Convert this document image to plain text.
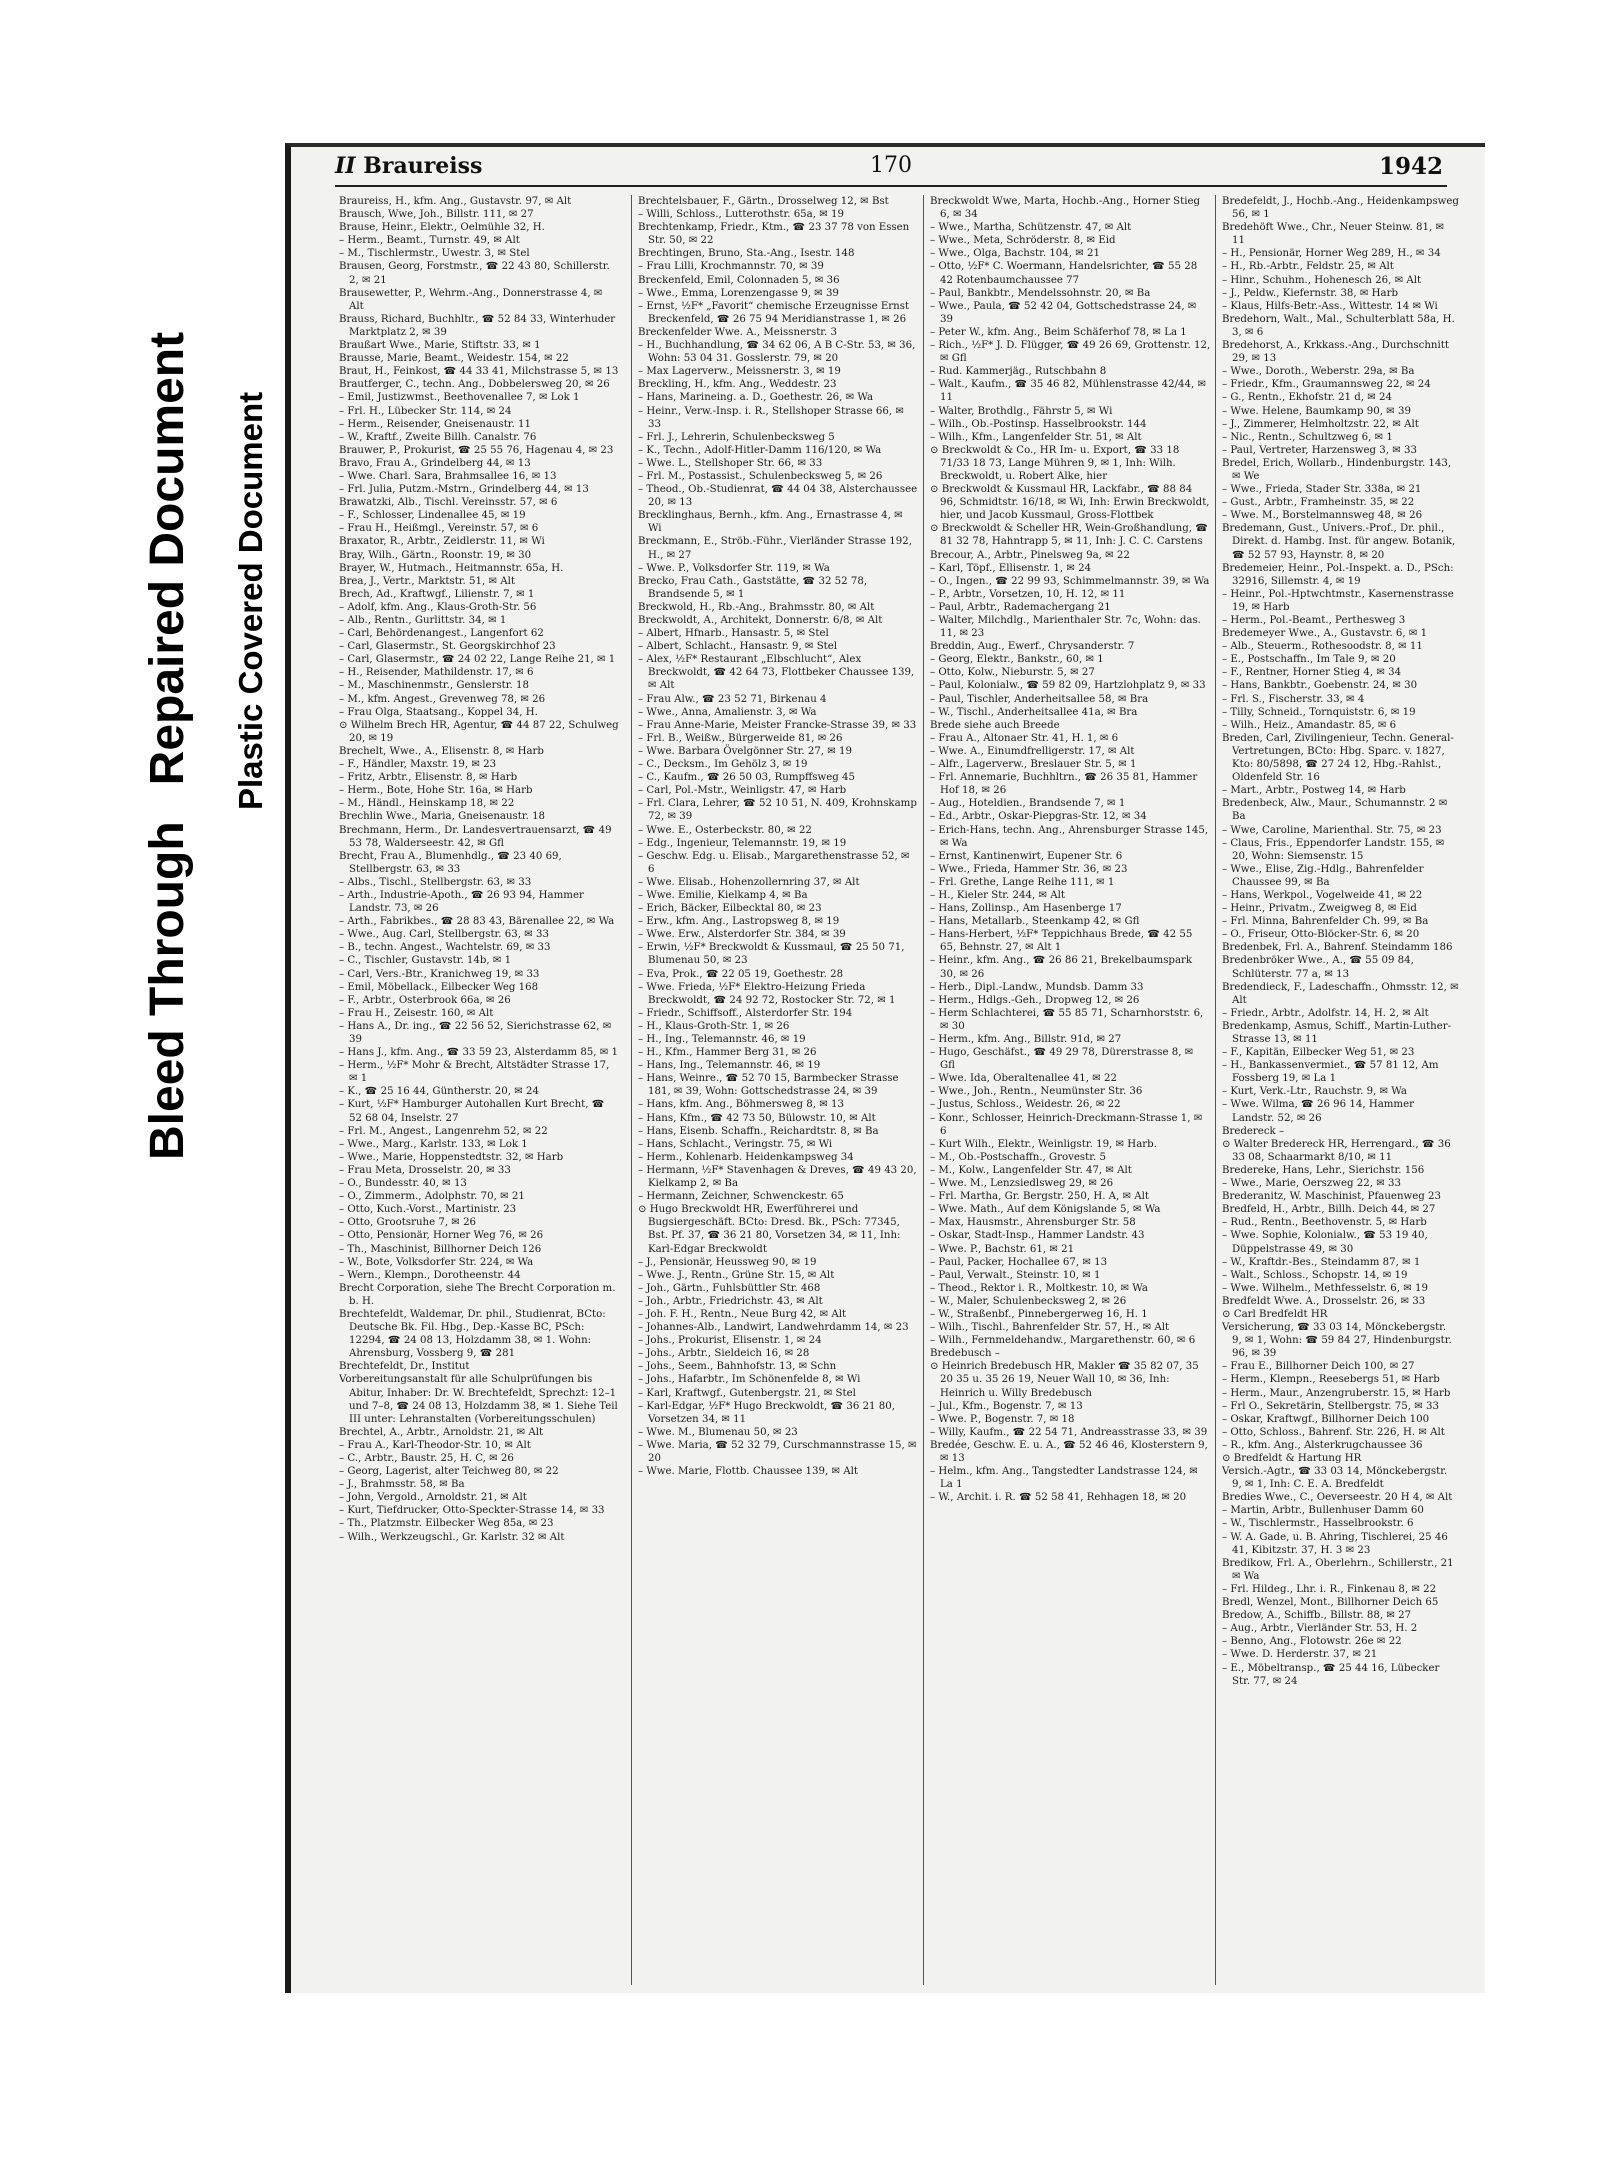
Bleed ThroughRepaired Document Plastic Covered Document
II Braureiss	170	1942

Braureiss, H., kfm. Ang., Gustavstr. 97, ✉ Alt

Brausch, Wwe, Joh., Billstr. 111, ✉ 27

Brause, Heinr., Elektr., Oelmühle 32, H.

– Herm., Beamt., Turnstr. 49, ✉ Alt

– M., Tischlermstr., Uwestr. 3, ✉ Stel

Brausen, Georg, Forstmstr., ☎ 22 43 80, Schillerstr. 2, ✉ 21

Brausewetter, P., Wehrm.-Ang., Donnerstrasse 4, ✉ Alt

Brauss, Richard, Buchhltr., ☎ 52 84 33, Winterhuder Marktplatz 2, ✉ 39

Braußart Wwe., Marie, Stiftstr. 33, ✉ 1

Brausse, Marie, Beamt., Weidestr. 154, ✉ 22

Braut, H., Feinkost, ☎ 44 33 41, Milchstrasse 5, ✉ 13

Brautferger, C., techn. Ang., Dobbelersweg 20, ✉ 26

– Emil, Justizwmst., Beethovenallee 7, ✉ Lok 1

– Frl. H., Lübecker Str. 114, ✉ 24

– Herm., Reisender, Gneisenaustr. 11

– W., Kraftf., Zweite Billh. Canalstr. 76

Brauwer, P., Prokurist, ☎ 25 55 76, Hagenau 4, ✉ 23

Bravo, Frau A., Grindelberg 44, ✉ 13

– Wwe. Charl. Sara, Brahmsallee 16, ✉ 13

– Frl. Julia, Putzm.-Mstrn., Grindelberg 44, ✉ 13

Brawatzki, Alb., Tischl. Vereinsstr. 57, ✉ 6

– F., Schlosser, Lindenallee 45, ✉ 19

– Frau H., Heißmgl., Vereinstr. 57, ✉ 6

Braxator, R., Arbtr., Zeidlerstr. 11, ✉ Wi

Bray, Wilh., Gärtn., Roonstr. 19, ✉ 30

Brayer, W., Hutmach., Heitmannstr. 65a, H.

Brea, J., Vertr., Marktstr. 51, ✉ Alt

Brech, Ad., Kraftwgf., Lilienstr. 7, ✉ 1

– Adolf, kfm. Ang., Klaus-Groth-Str. 56

– Alb., Rentn., Gurlittstr. 34, ✉ 1

– Carl, Behördenangest., Langenfort 62

– Carl, Glasermstr., St. Georgskirchhof 23

– Carl, Glasermstr., ☎ 24 02 22, Lange Reihe 21, ✉ 1

– H., Reisender, Mathildenstr. 17, ✉ 6

– M., Maschinenmstr., Genslerstr. 18

– M., kfm. Angest., Grevenweg 78, ✉ 26

– Frau Olga, Staatsang., Koppel 34, H.

⊙ Wilhelm Brech HR, Agentur, ☎ 44 87 22, Schulweg 20, ✉ 19

Brechelt, Wwe., A., Elisenstr. 8, ✉ Harb

– F., Händler, Maxstr. 19, ✉ 23

– Fritz, Arbtr., Elisenstr. 8, ✉ Harb

– Herm., Bote, Hohe Str. 16a, ✉ Harb

– M., Händl., Heinskamp 18, ✉ 22

Brechlin Wwe., Maria, Gneisenaustr. 18

Brechmann, Herm., Dr. Landesvertrauensarzt, ☎ 49 53 78, Walderseestr. 42, ✉ Gfl

Brecht, Frau A., Blumenhdlg., ☎ 23 40 69, Stellbergstr. 63, ✉ 33

– Albs., Tischl., Stellbergstr. 63, ✉ 33

– Arth., Industrie-Apoth., ☎ 26 93 94, Hammer Landstr. 73, ✉ 26

– Arth., Fabrikbes., ☎ 28 83 43, Bärenallee 22, ✉ Wa

– Wwe., Aug. Carl, Stellbergstr. 63, ✉ 33

– B., techn. Angest., Wachtelstr. 69, ✉ 33

– C., Tischler, Gustavstr. 14b, ✉ 1

– Carl, Vers.-Btr., Kranichweg 19, ✉ 33

– Emil, Möbellack., Eilbecker Weg 168

– F., Arbtr., Osterbrook 66a, ✉ 26

– Frau H., Zeisestr. 160, ✉ Alt

– Hans A., Dr. ing., ☎ 22 56 52, Sierichstrasse 62, ✉ 39

– Hans J., kfm. Ang., ☎ 33 59 23, Alsterdamm 85, ✉ 1

– Herm., ½F* Mohr & Brecht, Altstädter Strasse 17, ✉ 1

– K., ☎ 25 16 44, Güntherstr. 20, ✉ 24

– Kurt, ½F* Hamburger Autohallen Kurt Brecht, ☎ 52 68 04, Inselstr. 27

– Frl. M., Angest., Langenrehm 52, ✉ 22

– Wwe., Marg., Karlstr. 133, ✉ Lok 1

– Wwe., Marie, Hoppenstedtstr. 32, ✉ Harb

– Frau Meta, Drosselstr. 20, ✉ 33

– O., Bundesstr. 40, ✉ 13

– O., Zimmerm., Adolphstr. 70, ✉ 21

– Otto, Kuch.-Vorst., Martinistr. 23

– Otto, Grootsruhe 7, ✉ 26

– Otto, Pensionär, Horner Weg 76, ✉ 26

– Th., Maschinist, Billhorner Deich 126

– W., Bote, Volksdorfer Str. 224, ✉ Wa

– Wern., Klempn., Dorotheenstr. 44

Brecht Corporation, siehe The Brecht Corporation m. b. H.

Brechtefeldt, Waldemar, Dr. phil., Studienrat, BCto: Deutsche Bk. Fil. Hbg., Dep.-Kasse BC, PSch: 12294, ☎ 24 08 13, Holzdamm 38, ✉ 1. Wohn: Ahrensburg, Vossberg 9, ☎ 281

Brechtefeldt, Dr., Institut

Vorbereitungsanstalt für alle Schulprüfungen bis Abitur, Inhaber: Dr. W. Brechtefeldt, Sprechzt: 12–1 und 7–8, ☎ 24 08 13, Holzdamm 38, ✉ 1. Siehe Teil III unter: Lehranstalten (Vorbereitungsschulen)

Brechtel, A., Arbtr., Arnoldstr. 21, ✉ Alt

– Frau A., Karl-Theodor-Str. 10, ✉ Alt

– C., Arbtr., Baustr. 25, H. C, ✉ 26

– Georg, Lagerist, alter Teichweg 80, ✉ 22

– J., Brahmsstr. 58, ✉ Ba

– John, Vergold., Arnoldstr. 21, ✉ Alt

– Kurt, Tiefdrucker, Otto-Speckter-Strasse 14, ✉ 33

– Th., Platzmstr. Eilbecker Weg 85a, ✉ 23

– Wilh., Werkzeugschl., Gr. Karlstr. 32 ✉ Alt

Brechtelsbauer, F., Gärtn., Drosselweg 12, ✉ Bst

– Willi, Schloss., Lutterothstr. 65a, ✉ 19

Brechtenkamp, Friedr., Ktm., ☎ 23 37 78 von Essen Str. 50, ✉ 22

Brechtingen, Bruno, Sta.-Ang., Isestr. 148

– Frau Lilli, Krochmannstr. 70, ✉ 39

Breckenfeld, Emil, Colonnaden 5, ✉ 36

– Wwe., Emma, Lorenzengasse 9, ✉ 39

– Ernst, ½F* „Favorit“ chemische Erzeugnisse Ernst Breckenfeld, ☎ 26 75 94 Meridianstrasse 1, ✉ 26

Breckenfelder Wwe. A., Meissnerstr. 3

– H., Buchhandlung, ☎ 34 62 06, A B C-Str. 53, ✉ 36, Wohn: 53 04 31. Gosslerstr. 79, ✉ 20

– Max Lagerverw., Meissnerstr. 3, ✉ 19

Breckling, H., kfm. Ang., Weddestr. 23

– Hans, Marineing. a. D., Goethestr. 26, ✉ Wa

– Heinr., Verw.-Insp. i. R., Stellshoper Strasse 66, ✉ 33

– Frl. J., Lehrerin, Schulenbecksweg 5

– K., Techn., Adolf-Hitler-Damm 116/120, ✉ Wa

– Wwe. L., Stellshoper Str. 66, ✉ 33

– Frl. M., Postassist., Schulenbecksweg 5, ✉ 26

– Theod., Ob.-Studienrat, ☎ 44 04 38, Alsterchaussee 20, ✉ 13

Brecklinghaus, Bernh., kfm. Ang., Ernastrasse 4, ✉ Wi

Breckmann, E., Ströb.-Führ., Vierländer Strasse 192, H., ✉ 27

– Wwe. P., Volksdorfer Str. 119, ✉ Wa

Brecko, Frau Cath., Gaststätte, ☎ 32 52 78, Brandsende 5, ✉ 1

Breckwold, H., Rb.-Ang., Brahmsstr. 80, ✉ Alt

Breckwoldt, A., Architekt, Donnerstr. 6/8, ✉ Alt

– Albert, Hfnarb., Hansastr. 5, ✉ Stel

– Albert, Schlacht., Hansastr. 9, ✉ Stel

– Alex, ½F* Restaurant „Elbschlucht“, Alex Breckwoldt, ☎ 42 64 73, Flottbeker Chaussee 139, ✉ Alt

– Frau Alw., ☎ 23 52 71, Birkenau 4

– Wwe., Anna, Amalienstr. 3, ✉ Wa

– Frau Anne-Marie, Meister Francke-Strasse 39, ✉ 33

– Frl. B., Weißw., Bürgerweide 81, ✉ 26

– Wwe. Barbara Övelgönner Str. 27, ✉ 19

– C., Decksm., Im Gehölz 3, ✉ 19

– C., Kaufm., ☎ 26 50 03, Rumpffsweg 45

– Carl, Pol.-Mstr., Weinligstr. 47, ✉ Harb

– Frl. Clara, Lehrer, ☎ 52 10 51, N. 409, Krohnskamp 72, ✉ 39

– Wwe. E., Osterbeckstr. 80, ✉ 22

– Edg., Ingenieur, Telemannstr. 19, ✉ 19

– Geschw. Edg. u. Elisab., Margarethenstrasse 52, ✉ 6

– Wwe. Elisab., Hohenzollernring 37, ✉ Alt

– Wwe. Emilie, Kielkamp 4, ✉ Ba

– Erich, Bäcker, Eilbecktal 80, ✉ 23

– Erw., kfm. Ang., Lastropsweg 8, ✉ 19

– Wwe. Erw., Alsterdorfer Str. 384, ✉ 39

– Erwin, ½F* Breckwoldt & Kussmaul, ☎ 25 50 71, Blumenau 50, ✉ 23

– Eva, Prok., ☎ 22 05 19, Goethestr. 28

– Wwe. Frieda, ½F* Elektro-Heizung Frieda Breckwoldt, ☎ 24 92 72, Rostocker Str. 72, ✉ 1

– Friedr., Schiffsoff., Alsterdorfer Str. 194

– H., Klaus-Groth-Str. 1, ✉ 26

– H., Ing., Telemannstr. 46, ✉ 19

– H., Kfm., Hammer Berg 31, ✉ 26

– Hans, Ing., Telemannstr. 46, ✉ 19

– Hans, Weinre., ☎ 52 70 15, Barmbecker Strasse 181, ✉ 39, Wohn: Gottschedstrasse 24, ✉ 39

– Hans, kfm. Ang., Böhmersweg 8, ✉ 13

– Hans, Kfm., ☎ 42 73 50, Bülowstr. 10, ✉ Alt

– Hans, Eisenb. Schaffn., Reichardtstr. 8, ✉ Ba

– Hans, Schlacht., Veringstr. 75, ✉ Wi

– Herm., Kohlenarb. Heidenkampsweg 34

– Hermann, ½F* Stavenhagen & Dreves, ☎ 49 43 20, Kielkamp 2, ✉ Ba

– Hermann, Zeichner, Schwenckestr. 65

⊙ Hugo Breckwoldt HR, Ewerführerei und Bugsiergeschäft. BCto: Dresd. Bk., PSch: 77345, Bst. Pf. 37, ☎ 36 21 80, Vorsetzen 34, ✉ 11, Inh: Karl-Edgar Breckwoldt

– J., Pensionär, Heussweg 90, ✉ 19

– Wwe. J., Rentn., Grüne Str. 15, ✉ Alt

– Joh., Gärtn., Fuhlsbüttler Str. 468

– Joh., Arbtr., Friedrichstr. 43, ✉ Alt

– Joh. F. H., Rentn., Neue Burg 42, ✉ Alt

– Johannes-Alb., Landwirt, Landwehrdamm 14, ✉ 23

– Johs., Prokurist, Elisenstr. 1, ✉ 24

– Johs., Arbtr., Sieldeich 16, ✉ 28

– Johs., Seem., Bahnhofstr. 13, ✉ Schn

– Johs., Hafarbtr., Im Schönenfelde 8, ✉ Wi

– Karl, Kraftwgf., Gutenbergstr. 21, ✉ Stel

– Karl-Edgar, ½F* Hugo Breckwoldt, ☎ 36 21 80, Vorsetzen 34, ✉ 11

– Wwe. M., Blumenau 50, ✉ 23

– Wwe. Maria, ☎ 52 32 79, Curschmannstrasse 15, ✉ 20

– Wwe. Marie, Flottb. Chaussee 139, ✉ Alt

Breckwoldt Wwe, Marta, Hochb.-Ang., Horner Stieg 6, ✉ 34

– Wwe., Martha, Schützenstr. 47, ✉ Alt

– Wwe., Meta, Schröderstr. 8, ✉ Eid

– Wwe., Olga, Bachstr. 104, ✉ 21

– Otto, ½F* C. Woermann, Handelsrichter, ☎ 55 28 42 Rotenbaumchaussee 77

– Paul, Bankbtr., Mendelssohnstr. 20, ✉ Ba

– Wwe., Paula, ☎ 52 42 04, Gottschedstrasse 24, ✉ 39

– Peter W., kfm. Ang., Beim Schäferhof 78, ✉ La 1

– Rich., ½F* J. D. Flügger, ☎ 49 26 69, Grottenstr. 12, ✉ Gfl

– Rud. Kammerjäg., Rutschbahn 8

– Walt., Kaufm., ☎ 35 46 82, Mühlenstrasse 42/44, ✉ 11

– Walter, Brothdlg., Fährstr 5, ✉ Wi

– Wilh., Ob.-Postinsp. Hasselbrookstr. 144

– Wilh., Kfm., Langenfelder Str. 51, ✉ Alt

⊙ Breckwoldt & Co., HR Im- u. Export, ☎ 33 18 71/33 18 73, Lange Mühren 9, ✉ 1, Inh: Wilh. Breckwoldt, u. Robert Alke, hier

⊙ Breckwoldt & Kussmaul HR, Lackfabr., ☎ 88 84 96, Schmidtstr. 16/18, ✉ Wi, Inh: Erwin Breckwoldt, hier, und Jacob Kussmaul, Gross-Flottbek

⊙ Breckwoldt & Scheller HR, Wein-Großhandlung, ☎ 81 32 78, Hahntrapp 5, ✉ 11, Inh: J. C. C. Carstens

Brecour, A., Arbtr., Pinelsweg 9a, ✉ 22

– Karl, Töpf., Ellisenstr. 1, ✉ 24

– O., Ingen., ☎ 22 99 93, Schimmelmannstr. 39, ✉ Wa

– P., Arbtr., Vorsetzen, 10, H. 12, ✉ 11

– Paul, Arbtr., Rademachergang 21

– Walter, Milchdlg., Marienthaler Str. 7c, Wohn: das. 11, ✉ 23

Breddin, Aug., Ewerf., Chrysanderstr. 7

– Georg, Elektr., Bankstr., 60, ✉ 1

– Otto, Kolw., Nieburstr. 5, ✉ 27

– Paul, Kolonialw., ☎ 59 82 09, Hartzlohplatz 9, ✉ 33

– Paul, Tischler, Anderheitsallee 58, ✉ Bra

– W., Tischl., Anderheitsallee 41a, ✉ Bra

Brede siehe auch Breede

– Frau A., Altonaer Str. 41, H. 1, ✉ 6

– Wwe. A., Einumdfrelligerstr. 17, ✉ Alt

– Alfr., Lagerverw., Breslauer Str. 5, ✉ 1

– Frl. Annemarie, Buchhltrn., ☎ 26 35 81, Hammer Hof 18, ✉ 26

– Aug., Hoteldien., Brandsende 7, ✉ 1

– Ed., Arbtr., Oskar-Piepgras-Str. 12, ✉ 34

– Erich-Hans, techn. Ang., Ahrensburger Strasse 145, ✉ Wa

– Ernst, Kantinenwirt, Eupener Str. 6

– Wwe., Frieda, Hammer Str. 36, ✉ 23

– Frl. Grethe, Lange Reihe 111, ✉ 1

– H., Kieler Str. 244, ✉ Alt

– Hans, Zollinsp., Am Hasenberge 17

– Hans, Metallarb., Steenkamp 42, ✉ Gfl

– Hans-Herbert, ½F* Teppichhaus Brede, ☎ 42 55 65, Behnstr. 27, ✉ Alt 1

– Heinr., kfm. Ang., ☎ 26 86 21, Brekelbaumspark 30, ✉ 26

– Herb., Dipl.-Landw., Mundsb. Damm 33

– Herm., Hdlgs.-Geh., Dropweg 12, ✉ 26

– Herm Schlachterei, ☎ 55 85 71, Scharnhorststr. 6, ✉ 30

– Herm., kfm. Ang., Billstr. 91d, ✉ 27

– Hugo, Geschäfst., ☎ 49 29 78, Dürerstrasse 8, ✉ Gfl

– Wwe. Ida, Oberaltenallee 41, ✉ 22

– Wwe., Joh., Rentn., Neumünster Str. 36

– Justus, Schloss., Weidestr. 26, ✉ 22

– Konr., Schlosser, Heinrich-Dreckmann-Strasse 1, ✉ 6

– Kurt Wilh., Elektr., Weinligstr. 19, ✉ Harb.

– M., Ob.-Postschaffn., Grovestr. 5

– M., Kolw., Langenfelder Str. 47, ✉ Alt

– Wwe. M., Lenzsiedlsweg 29, ✉ 26

– Frl. Martha, Gr. Bergstr. 250, H. A, ✉ Alt

– Wwe. Math., Auf dem Königslande 5, ✉ Wa

– Max, Hausmstr., Ahrensburger Str. 58

– Oskar, Stadt-Insp., Hammer Landstr. 43

– Wwe. P., Bachstr. 61, ✉ 21

– Paul, Packer, Hochallee 67, ✉ 13

– Paul, Verwalt., Steinstr. 10, ✉ 1

– Theod., Rektor i. R., Moltkestr. 10, ✉ Wa

– W., Maler, Schulenbecksweg 2, ✉ 26

– W., Straßenbf., Pinnebergerweg 16, H. 1

– Wilh., Tischl., Bahrenfelder Str. 57, H., ✉ Alt

– Wilh., Fernmeldehandw., Margarethenstr. 60, ✉ 6

Bredebusch –

⊙ Heinrich Bredebusch HR, Makler ☎ 35 82 07, 35 20 35 u. 35 26 19, Neuer Wall 10, ✉ 36, Inh: Heinrich u. Willy Bredebusch

– Jul., Kfm., Bogenstr. 7, ✉ 13

– Wwe. P., Bogenstr. 7, ✉ 18

– Willy, Kaufm., ☎ 22 54 71, Andreasstrasse 33, ✉ 39

Bredée, Geschw. E. u. A., ☎ 52 46 46, Klosterstern 9, ✉ 13

– Helm., kfm. Ang., Tangstedter Landstrasse 124, ✉ La 1

– W., Archit. i. R. ☎ 52 58 41, Rehhagen 18, ✉ 20

Bredefeldt, J., Hochb.-Ang., Heidenkampsweg 56, ✉ 1

Bredehöft Wwe., Chr., Neuer Steinw. 81, ✉ 11

– H., Pensionär, Horner Weg 289, H., ✉ 34

– H., Rb.-Arbtr., Feldstr. 25, ✉ Alt

– Hinr., Schuhm., Hohenesch 26, ✉ Alt

– J., Peldw., Kiefernstr. 38, ✉ Harb

– Klaus, Hilfs-Betr.-Ass., Wittestr. 14 ✉ Wi

Bredehorn, Walt., Mal., Schulterblatt 58a, H. 3, ✉ 6

Bredehorst, A., Krkkass.-Ang., Durchschnitt 29, ✉ 13

– Wwe., Doroth., Weberstr. 29a, ✉ Ba

– Friedr., Kfm., Graumannsweg 22, ✉ 24

– G., Rentn., Ekhofstr. 21 d, ✉ 24

– Wwe. Helene, Baumkamp 90, ✉ 39

– J., Zimmerer, Helmholtzstr. 22, ✉ Alt

– Nic., Rentn., Schultzweg 6, ✉ 1

– Paul, Vertreter, Harzensweg 3, ✉ 33

Bredel, Erich, Wollarb., Hindenburgstr. 143, ✉ We

– Wwe., Frieda, Stader Str. 338a, ✉ 21

– Gust., Arbtr., Framheinstr. 35, ✉ 22

– Wwe. M., Borstelmannsweg 48, ✉ 26

Bredemann, Gust., Univers.-Prof., Dr. phil., Direkt. d. Hambg. Inst. für angew. Botanik, ☎ 52 57 93, Haynstr. 8, ✉ 20

Bredemeier, Heinr., Pol.-Inspekt. a. D., PSch: 32916, Sillemstr. 4, ✉ 19

– Heinr., Pol.-Hptwchtmstr., Kasernenstrasse 19, ✉ Harb

– Herm., Pol.-Beamt., Perthesweg 3

Bredemeyer Wwe., A., Gustavstr. 6, ✉ 1

– Alb., Steuerm., Rothesoodstr. 8, ✉ 11

– E., Postschaffn., Im Tale 9, ✉ 20

– F., Rentner, Horner Stieg 4, ✉ 34

– Hans, Bankbtr., Goebenstr. 24, ✉ 30

– Frl. S., Fischerstr. 33, ✉ 4

– Tilly, Schneid., Tornquiststr. 6, ✉ 19

– Wilh., Heiz., Amandastr. 85, ✉ 6

Breden, Carl, Zivilingenieur, Techn. General-Vertretungen, BCto: Hbg. Sparc. v. 1827, Kto: 80/5898, ☎ 27 24 12, Hbg.-Rahlst., Oldenfeld Str. 16

– Mart., Arbtr., Postweg 14, ✉ Harb

Bredenbeck, Alw., Maur., Schumannstr. 2 ✉ Ba

– Wwe, Caroline, Marienthal. Str. 75, ✉ 23

– Claus, Fris., Eppendorfer Landstr. 155, ✉ 20, Wohn: Siemsenstr. 15

– Wwe., Elise, Zig.-Hdlg., Bahrenfelder Chaussee 99, ✉ Ba

– Hans, Werkpol., Vogelweide 41, ✉ 22

– Heinr., Privatm., Zweigweg 8, ✉ Eid

– Frl. Minna, Bahrenfelder Ch. 99, ✉ Ba

– O., Friseur, Otto-Blöcker-Str. 6, ✉ 20

Bredenbek, Frl. A., Bahrenf. Steindamm 186

Bredenbröker Wwe., A., ☎ 55 09 84, Schlüterstr. 77 a, ✉ 13

Bredendieck, F., Ladeschaffn., Ohmsstr. 12, ✉ Alt

– Friedr., Arbtr., Adolfstr. 14, H. 2, ✉ Alt

Bredenkamp, Asmus, Schiff., Martin-Luther-Strasse 13, ✉ 11

– F., Kapitän, Eilbecker Weg 51, ✉ 23

– H., Bankassenvermiet., ☎ 57 81 12, Am Fossberg 19, ✉ La 1

– Kurt, Verk.-Ltr., Rauchstr. 9, ✉ Wa

– Wwe. Wilma, ☎ 26 96 14, Hammer Landstr. 52, ✉ 26

Bredereck –

⊙ Walter Bredereck HR, Herrengard., ☎ 36 33 08, Schaarmarkt 8/10, ✉ 11

Bredereke, Hans, Lehr., Sierichstr. 156

– Wwe., Marie, Oerszweg 22, ✉ 33

Brederanitz, W. Maschinist, Pfauenweg 23

Bredfeld, H., Arbtr., Billh. Deich 44, ✉ 27

– Rud., Rentn., Beethovenstr. 5, ✉ Harb

– Wwe. Sophie, Kolonialw., ☎ 53 19 40, Düppelstrasse 49, ✉ 30

– W., Kraftdr.-Bes., Steindamm 87, ✉ 1

– Walt., Schloss., Schopstr. 14, ✉ 19

– Wwe. Wilhelm., Methfesselstr. 6, ✉ 19

Bredfeldt Wwe. A., Drosselstr. 26, ✉ 33

⊙ Carl Bredfeldt HR

Versicherung, ☎ 33 03 14, Mönckebergstr. 9, ✉ 1, Wohn: ☎ 59 84 27, Hindenburgstr. 96, ✉ 39

– Frau E., Billhorner Deich 100, ✉ 27

– Herm., Klempn., Reesebergs 51, ✉ Harb

– Herm., Maur., Anzengruberstr. 15, ✉ Harb

– Frl O., Sekretärin, Stellbergstr. 75, ✉ 33

– Oskar, Kraftwgf., Billhorner Deich 100

– Otto, Schloss., Bahrenf. Str. 226, H. ✉ Alt

– R., kfm. Ang., Alsterkrugchaussee 36

⊙ Bredfeldt & Hartung HR

Versich.-Agtr., ☎ 33 03 14, Mönckebergstr. 9, ✉ 1, Inh: C. E. A. Bredfeldt

Bredies Wwe., C., Oeverseestr. 20 H 4, ✉ Alt

– Martin, Arbtr., Bullenhuser Damm 60

– W., Tischlermstr., Hasselbrookstr. 6

– W. A. Gade, u. B. Ahring, Tischlerei, 25 46 41, Kibitzstr. 37, H. 3 ✉ 23

Bredikow, Frl. A., Oberlehrn., Schillerstr., 21 ✉ Wa

– Frl. Hildeg., Lhr. i. R., Finkenau 8, ✉ 22

Bredl, Wenzel, Mont., Billhorner Deich 65

Bredow, A., Schiffb., Billstr. 88, ✉ 27

– Aug., Arbtr., Vierländer Str. 53, H. 2

– Benno, Ang., Flotowstr. 26e ✉ 22

– Wwe. D. Herderstr. 37, ✉ 21

– E., Möbeltransp., ☎ 25 44 16, Lübecker Str. 77, ✉ 24
